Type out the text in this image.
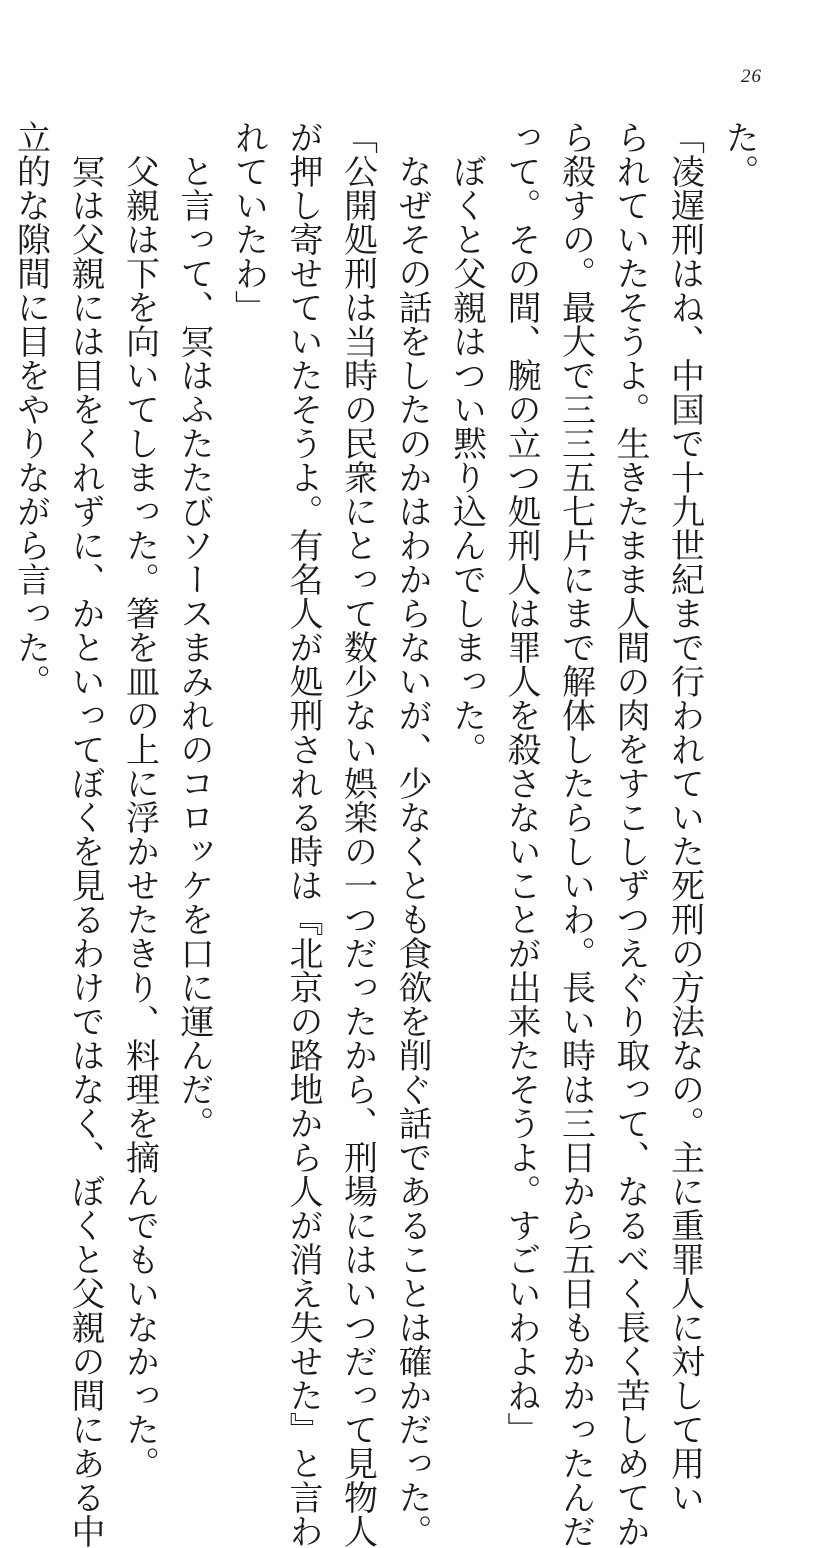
26
た。
「凌遅刑はね、中国で十九世紀まで行われていた死刑の方法なの。主に重罪人に対して用い
られていたそうよ。生きたまま人間の肉をすこしずつえぐり取って、なるべく長く苦しめてか
ら殺すの。最大で三三五七片にまで解体したらしいわ。長い時は三日から五日もかかったんだ
って。その間、腕の立つ処刑人は罪人を殺さないことが出来たそうよ。すごいわよね」
ぼくと父親はつい黙り込んでしまった。
なぜその話をしたのかはわからないが、少なくとも食欲を削ぐ話であることは確かだった。
「公開処刑は当時の民衆にとって数少ない娯楽の一つだったから、刑場にはいつだって見物人
が押し寄せていたそうよ。有名人が処刑される時は『北京の路地から人が消え失せた』と言わ
れていたわ」
と言って、冥はふたたびソースまみれのコロッケを口に運んだ。
父親は下を向いてしまった。箸を皿の上に浮かせたきり、料理を摘んでもいなかった。
冥は父親には目をくれずに、かといってぼくを見るわけではなく、ぼくと父親の間にある中
立的な隙間に目をやりながら言った。
